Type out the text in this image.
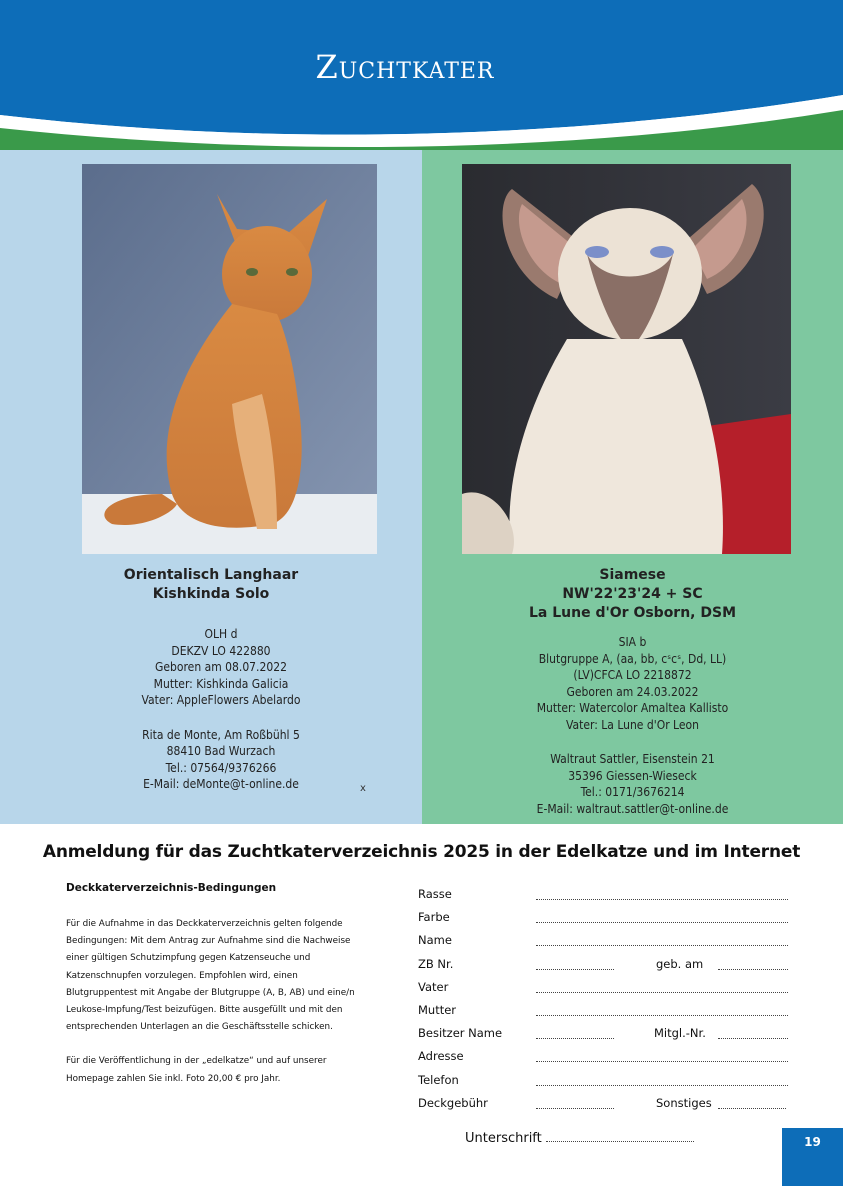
Zuchtkater
Orientalisch Langhaar
Kishkinda Solo
OLH d
DEKZV LO 422880
Geboren am 08.07.2022
Mutter: Kishkinda Galicia
Vater: AppleFlowers Abelardo
Rita de Monte, Am Roßbühl 5
88410 Bad Wurzach
Tel.: 07564/9376266
E-Mail: deMonte@t-online.de	x
Siamese
NW'22'23'24 + SC
La Lune d'Or Osborn, DSM
SIA b
Blutgruppe A, (aa, bb, cˢcˢ, Dd, LL)
(LV)CFCA LO 2218872
Geboren am 24.03.2022
Mutter: Watercolor Amaltea Kallisto
Vater: La Lune d'Or Leon
Waltraut Sattler, Eisenstein 21
35396 Giessen-Wieseck
Tel.: 0171/3676214
E-Mail: waltraut.sattler@t-online.de
Anmeldung für das Zuchtkaterverzeichnis 2025 in der Edelkatze und im Internet
Deckkaterverzeichnis-Bedingungen
Für die Aufnahme in das Deckkaterverzeichnis gelten folgende Bedingungen: Mit dem Antrag zur Aufnahme sind die Nachweise einer gültigen Schutzimpfung gegen Katzenseuche und Katzenschnupfen vorzulegen. Empfohlen wird, einen Blutgruppentest mit Angabe der Blutgruppe (A, B, AB) und eine/n Leukose-Impfung/Test beizufügen. Bitte ausgefüllt und mit den entsprechenden Unterlagen an die Geschäftsstelle schicken.
Für die Veröffentlichung in der „edelkatze“ und auf unserer Homepage zahlen Sie inkl. Foto 20,00 € pro Jahr.
Rasse
Farbe
Name
ZB Nr.	geb. am
Vater
Mutter
Besitzer Name	Mitgl.-Nr.
Adresse
Telefon
Deckgebühr	Sonstiges
Unterschrift	19
